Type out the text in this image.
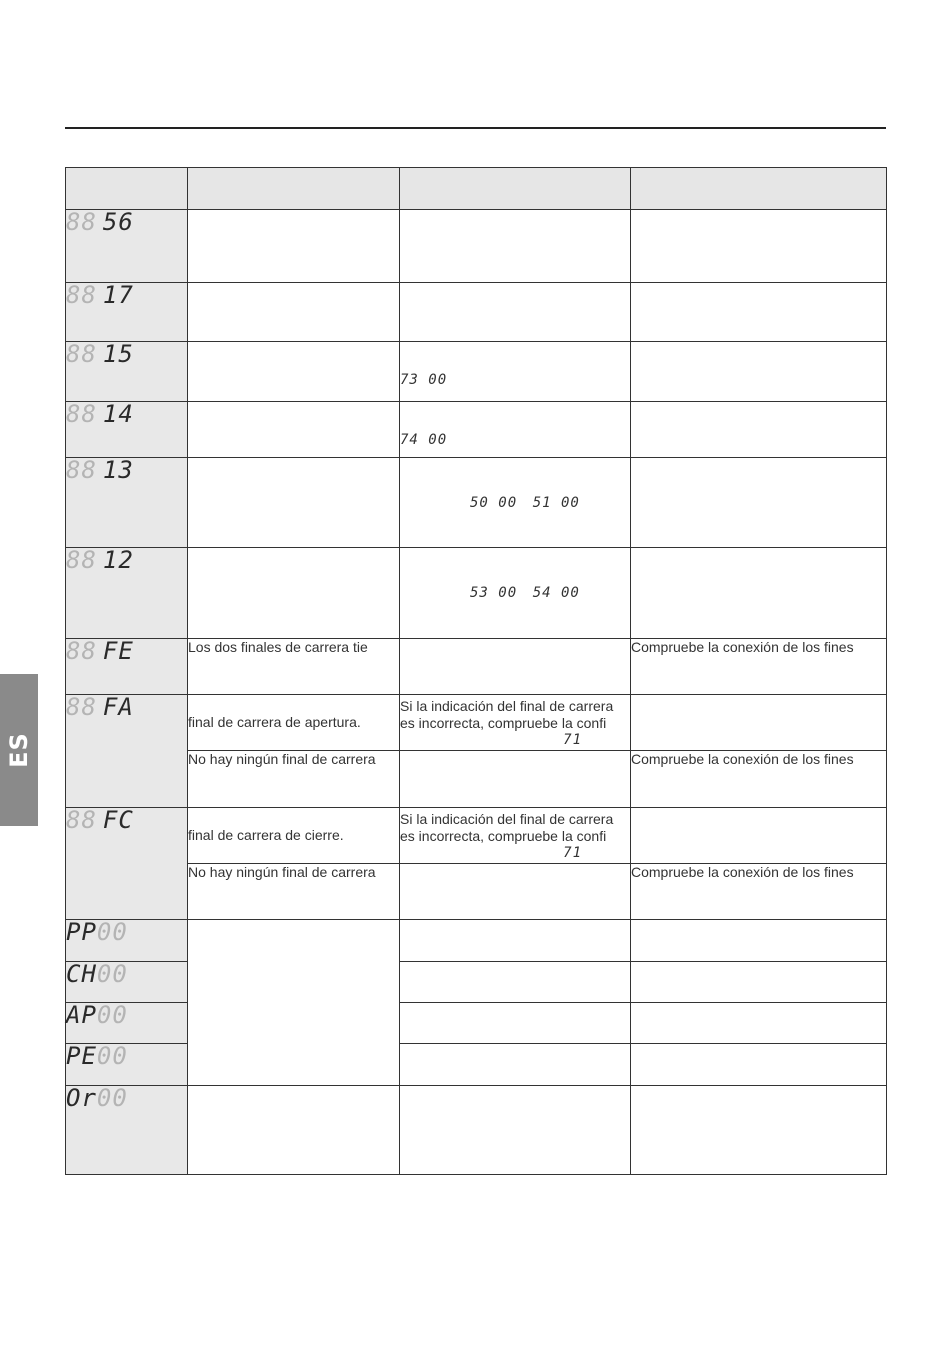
ES

88 56			
88 17			
88 15		73 00	

88 14		74 00	

88 13		50 00 51 00	

88 12		53 00 54 00	

88 FE	Los dos finales de carrera tie		Compruebe la conexión de los fines
88 FA	final de carrera de apertura.	Si la indicación del final de carrera es incorrecta, compruebe la confi
71	

	No hay ningún final de carrera		Compruebe la conexión de los fines
88 FC	final de carrera de cierre.	Si la indicación del final de carrera es incorrecta, compruebe la confi
71	

	No hay ningún final de carrera		Compruebe la conexión de los fines
PP00			
CH00			
AP00			
PE00			
Or00			
